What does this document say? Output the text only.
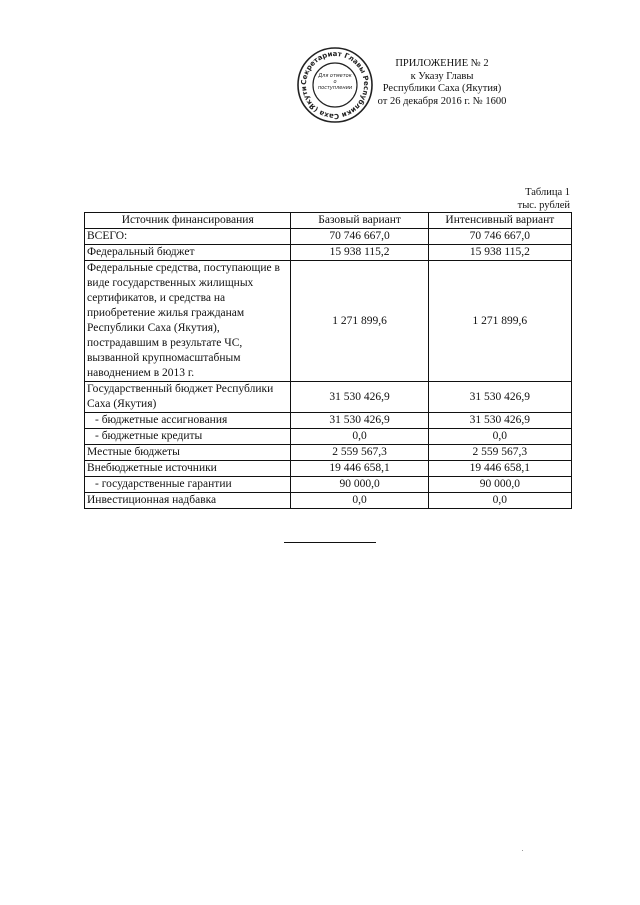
Секретариат Главы Республики Саха (Якути
Для отметок о поступлении
ПРИЛОЖЕНИЕ № 2
к Указу Главы
Республики Саха (Якутия)
от 26 декабря 2016 г. № 1600
Таблица 1
тыс. рублей
Источник финансирования	Базовый вариант	Интенсивный вариант
ВСЕГО:	70 746 667,0	70 746 667,0
Федеральный бюджет	15 938 115,2	15 938 115,2
Федеральные средства, поступающие в виде государственных жилищных сертификатов, и средства на приобретение жилья гражданам Республики Саха (Якутия), пострадавшим в результате ЧС, вызванной крупномасштабным наводнением в 2013 г.	1 271 899,6	1 271 899,6
Государственный бюджет Республики Саха (Якутия)	31 530 426,9	31 530 426,9
- бюджетные ассигнования	31 530 426,9	31 530 426,9
- бюджетные кредиты	0,0	0,0
Местные бюджеты	2 559 567,3	2 559 567,3
Внебюджетные источники	19 446 658,1	19 446 658,1
- государственные гарантии	90 000,0	90 000,0
Инвестиционная надбавка	0,0	0,0
